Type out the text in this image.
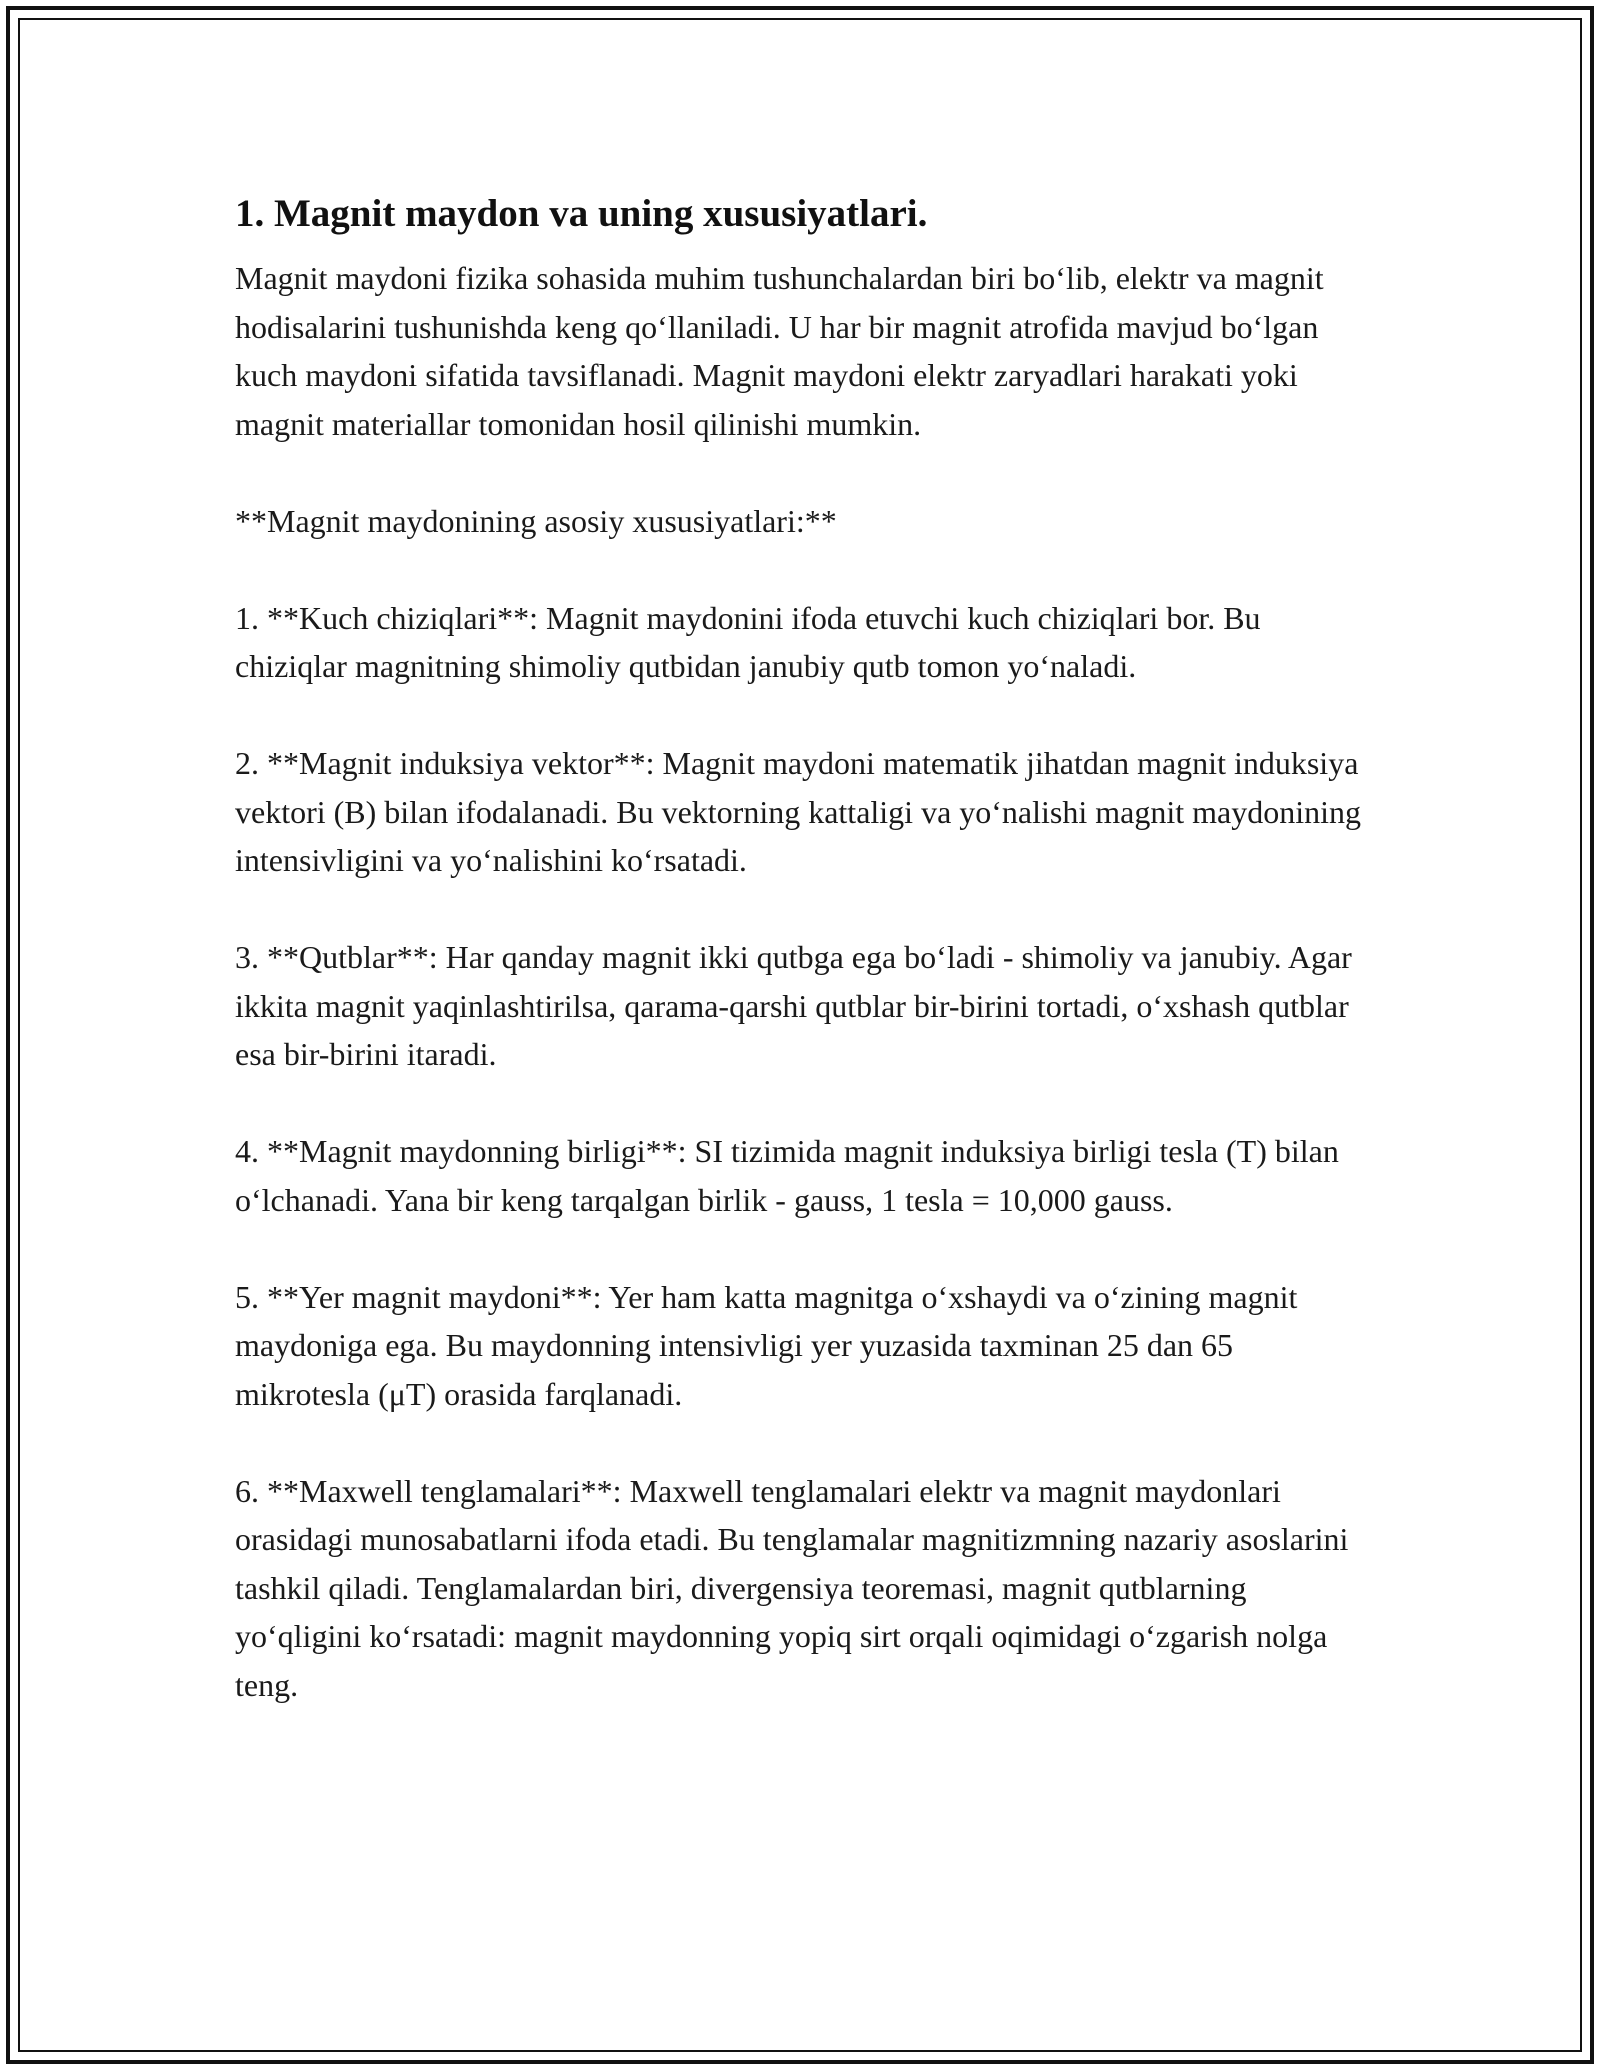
1. Magnit maydon va uning xususiyatlari.

Magnit maydoni fizika sohasida muhim tushunchalardan biri bo‘lib, elektr va magnit hodisalarini tushunishda keng qo‘llaniladi. U har bir magnit atrofida mavjud bo‘lgan kuch maydoni sifatida tavsiflanadi. Magnit maydoni elektr zaryadlari harakati yoki magnit materiallar tomonidan hosil qilinishi mumkin.

**Magnit maydonining asosiy xususiyatlari:**

1. **Kuch chiziqlari**: Magnit maydonini ifoda etuvchi kuch chiziqlari bor. Bu chiziqlar magnitning shimoliy qutbidan janubiy qutb tomon yo‘naladi.

2. **Magnit induksiya vektor**: Magnit maydoni matematik jihatdan magnit induksiya vektori (B) bilan ifodalanadi. Bu vektorning kattaligi va yo‘nalishi magnit maydonining intensivligini va yo‘nalishini ko‘rsatadi.

3. **Qutblar**: Har qanday magnit ikki qutbga ega bo‘ladi - shimoliy va janubiy. Agar ikkita magnit yaqinlashtirilsa, qarama-qarshi qutblar bir-birini tortadi, o‘xshash qutblar esa bir-birini itaradi.

4. **Magnit maydonning birligi**: SI tizimida magnit induksiya birligi tesla (T) bilan o‘lchanadi. Yana bir keng tarqalgan birlik - gauss, 1 tesla = 10,000 gauss.

5. **Yer magnit maydoni**: Yer ham katta magnitga o‘xshaydi va o‘zining magnit maydoniga ega. Bu maydonning intensivligi yer yuzasida taxminan 25 dan 65 mikrotesla (μT) orasida farqlanadi.

6. **Maxwell tenglamalari**: Maxwell tenglamalari elektr va magnit maydonlari orasidagi munosabatlarni ifoda etadi. Bu tenglamalar magnitizmning nazariy asoslarini tashkil qiladi. Tenglamalardan biri, divergensiya teoremasi, magnit qutblarning yo‘qligini ko‘rsatadi: magnit maydonning yopiq sirt orqali oqimidagi o‘zgarish nolga teng.
